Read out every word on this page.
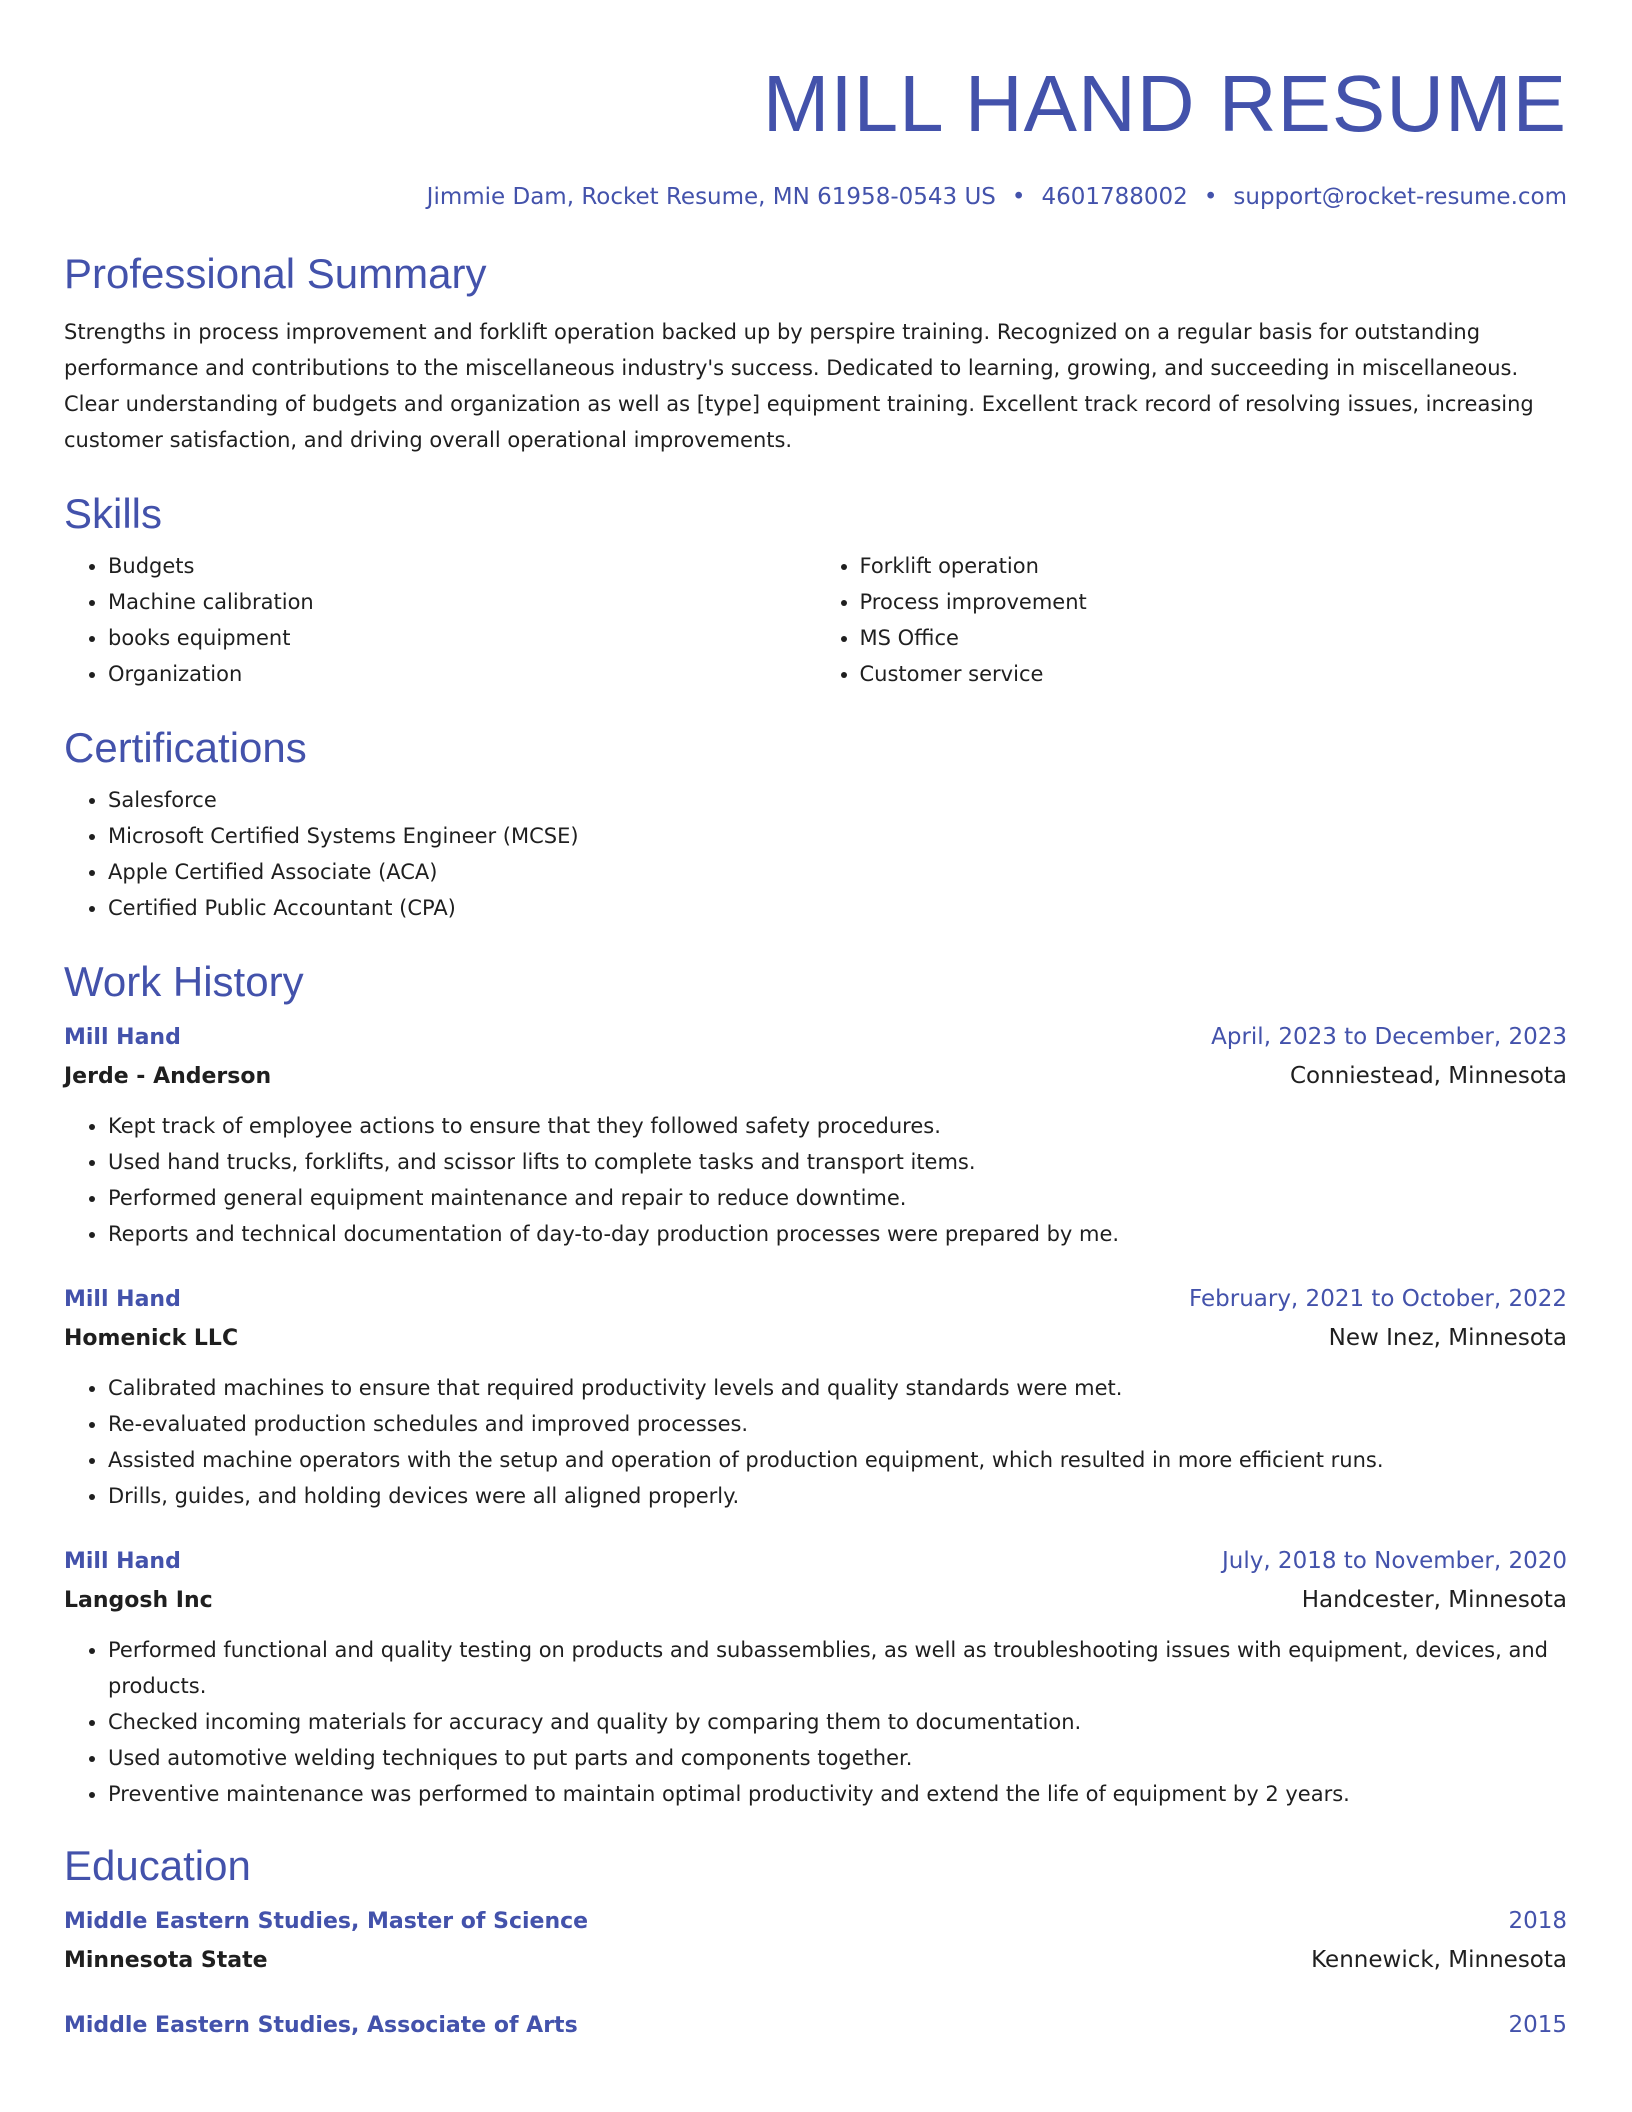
MILL HAND RESUME
Jimmie Dam, Rocket Resume, MN 61958-0543 US • 4601788002 • support@rocket-resume.com
Professional Summary

Strengths in process improvement and forklift operation backed up by perspire training. Recognized on a regular basis for outstanding performance and contributions to the miscellaneous industry's success. Dedicated to learning, growing, and succeeding in miscellaneous. Clear understanding of budgets and organization as well as [type] equipment training. Excellent track record of resolving issues, increasing customer satisfaction, and driving overall operational improvements.

Skills
• Budgets
• Machine calibration
• books equipment
• Organization
• Forklift operation
• Process improvement
• MS Office
• Customer service
Certifications
• Salesforce
• Microsoft Certified Systems Engineer (MCSE)
• Apple Certified Associate (ACA)
• Certified Public Accountant (CPA)
Work History
Mill Hand	April, 2023 to December, 2023
Jerde - Anderson	Conniestead, Minnesota
• Kept track of employee actions to ensure that they followed safety procedures.
• Used hand trucks, forklifts, and scissor lifts to complete tasks and transport items.
• Performed general equipment maintenance and repair to reduce downtime.
• Reports and technical documentation of day-to-day production processes were prepared by me.
Mill Hand	February, 2021 to October, 2022
Homenick LLC	New Inez, Minnesota
• Calibrated machines to ensure that required productivity levels and quality standards were met.
• Re-evaluated production schedules and improved processes.
• Assisted machine operators with the setup and operation of production equipment, which resulted in more efficient runs.
• Drills, guides, and holding devices were all aligned properly.
Mill Hand	July, 2018 to November, 2020
Langosh Inc	Handcester, Minnesota
• Performed functional and quality testing on products and subassemblies, as well as troubleshooting issues with equipment, devices, and products.
• Checked incoming materials for accuracy and quality by comparing them to documentation.
• Used automotive welding techniques to put parts and components together.
• Preventive maintenance was performed to maintain optimal productivity and extend the life of equipment by 2 years.
Education
Middle Eastern Studies, Master of Science	2018
Minnesota State	Kennewick, Minnesota
Middle Eastern Studies, Associate of Arts	2015
